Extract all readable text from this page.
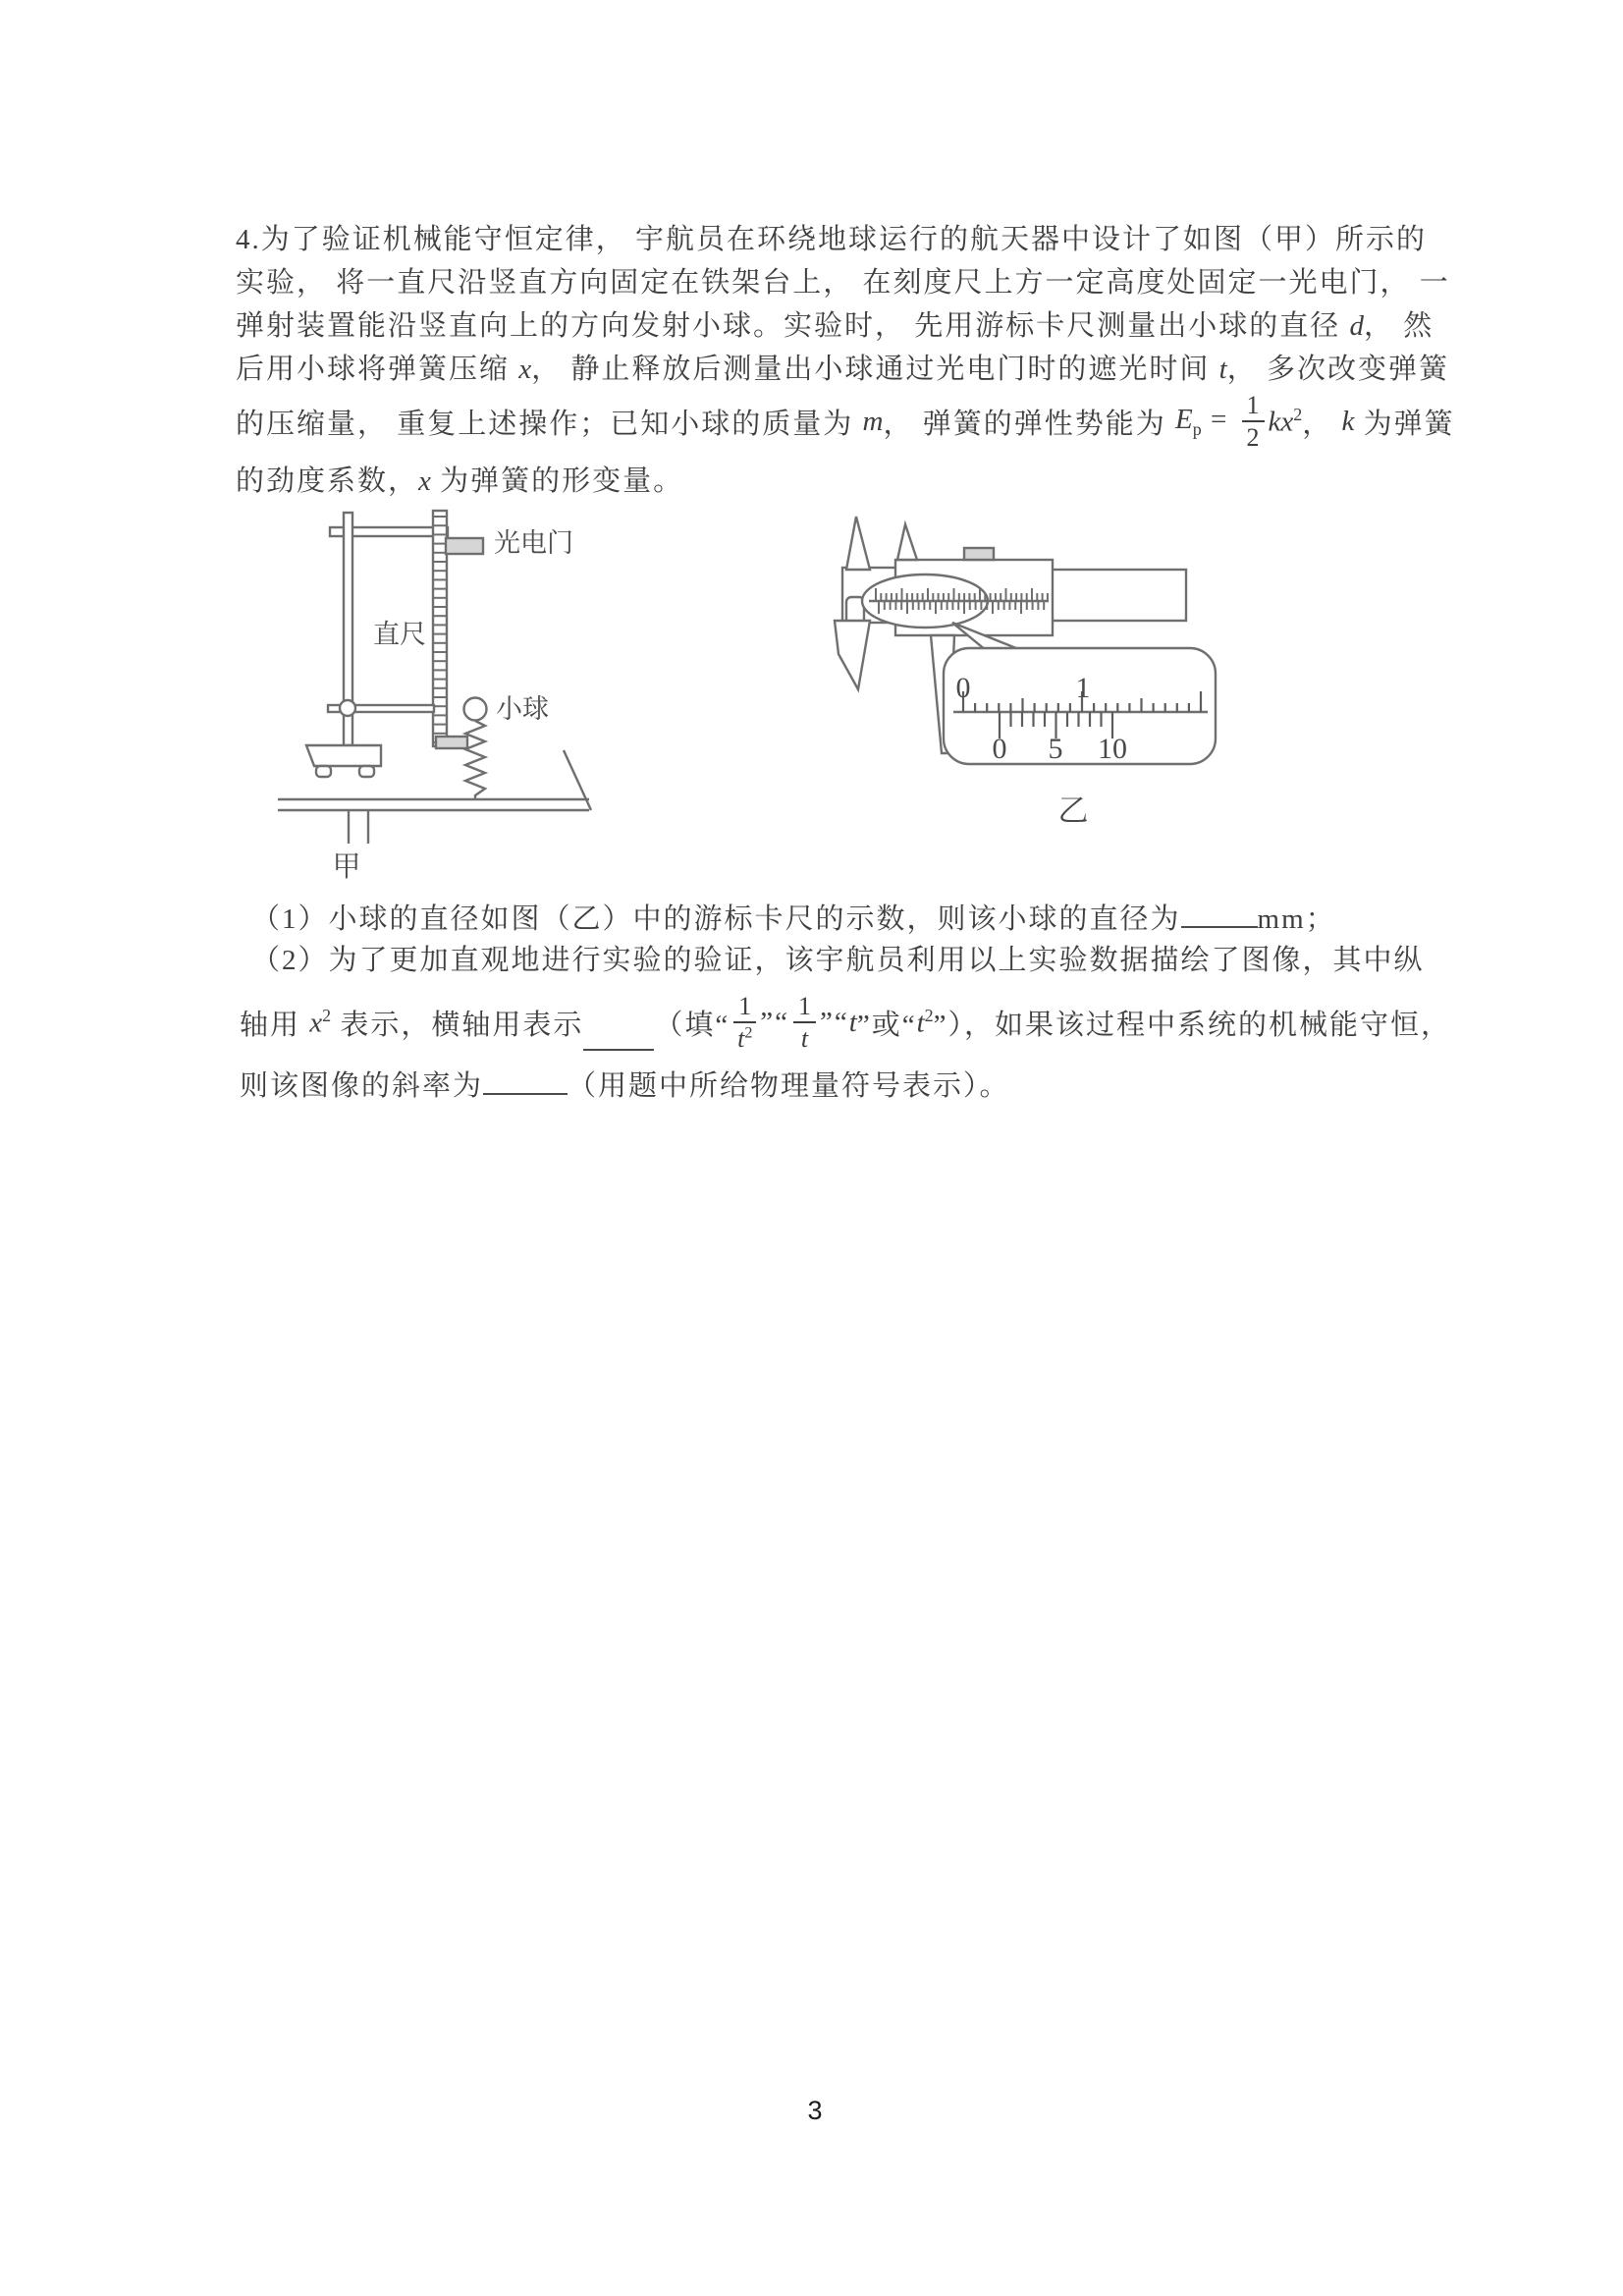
4.为了验证机械能守恒定律， 宇航员在环绕地球运行的航天器中设计了如图（甲）所示的
实验， 将一直尺沿竖直方向固定在铁架台上， 在刻度尺上方一定高度处固定一光电门， 一
弹射装置能沿竖直向上的方向发射小球。实验时， 先用游标卡尺测量出小球的直径 d， 然
后用小球将弹簧压缩 x， 静止释放后测量出小球通过光电门时的遮光时间 t， 多次改变弹簧
的压缩量， 重复上述操作；已知小球的质量为 m ， 弹簧的弹性势能为 $E_p = \frac{1}{2} kx^2$ ， k 为弹簧
的劲度系数，x 为弹簧的形变量。
光电门
直尺
小球
甲
0	1
0 5 10
乙
（1）小球的直径如图（乙）中的游标卡尺的示数，则该小球的直径为	mm；
（2）为了更加直观地进行实验的验证，该宇航员利用以上实验数据描绘了图像，其中纵
轴用 $x^2$ 表示，横轴用表示 （填“ $\frac{1}{t^2}$ ”“ $\frac{1}{t}$ ”“ t ”或“ $t^2$ ”），如果该过程中系统的机械能守恒，
则该图像的斜率为	（用题中所给物理量符号表示）。
3
